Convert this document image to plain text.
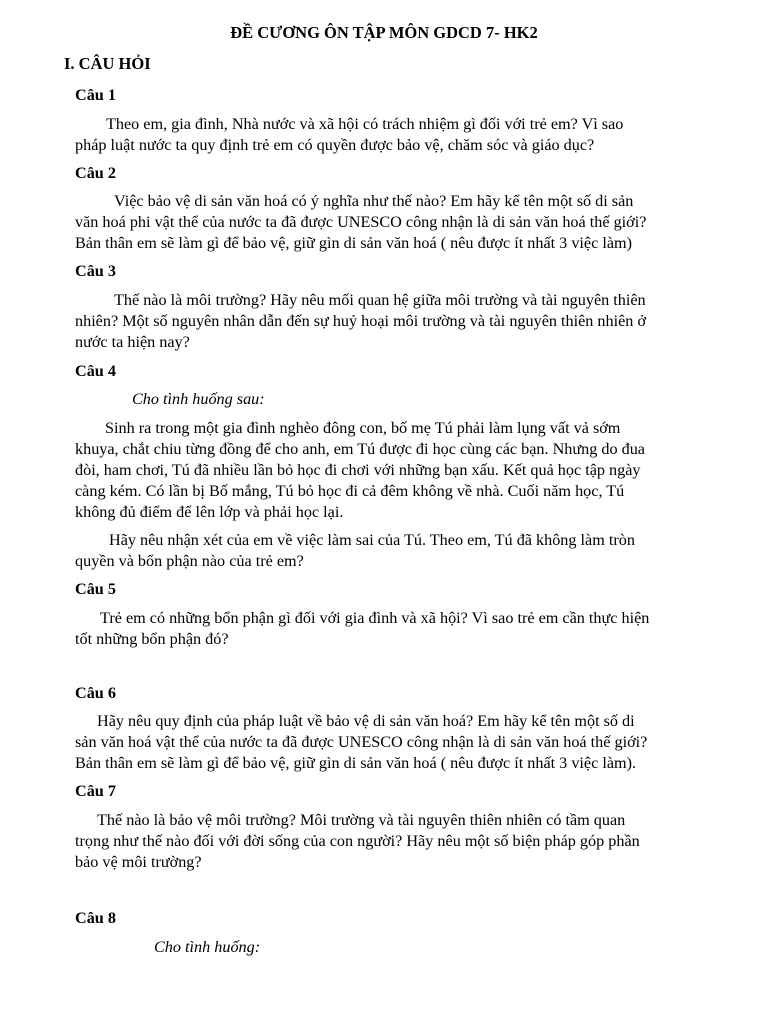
ĐỀ CƯƠNG ÔN TẬP MÔN GDCD 7- HK2
I. CÂU HỎI
Câu 1
Theo em, gia đình, Nhà nước và xã hội có trách nhiệm gì đối với trẻ em? Vì sao
pháp luật nước ta quy định trẻ em có quyền được bảo vệ, chăm sóc và giáo dục?
Câu 2
Việc bảo vệ di sản văn hoá có ý nghĩa như thế nào? Em hãy kể tên một số di sản
văn hoá phi vật thể của nước ta đã được UNESCO công nhận là di sản văn hoá thế giới?
Bản thân em sẽ làm gì để bảo vệ, giữ gìn di sản văn hoá ( nêu được ít nhất 3 việc làm)
Câu 3
Thế nào là môi trường? Hãy nêu mối quan hệ giữa môi trường và tài nguyên thiên
nhiên? Một số nguyên nhân dẫn đến sự huỷ hoại môi trường và tài nguyên thiên nhiên ở
nước ta hiện nay?
Câu 4
Cho tình huống sau:
Sinh ra trong một gia đình nghèo đông con, bố mẹ Tú phải làm lụng vất vả sớm
khuya, chắt chiu từng đồng để cho anh, em Tú được đi học cùng các bạn. Nhưng do đua
đòi, ham chơi, Tú đã nhiều lần bỏ học đi chơi với những bạn xấu. Kết quả học tập ngày
càng kém. Có lần bị Bố mắng, Tú bỏ học đi cả đêm không về nhà. Cuối năm học, Tú
không đủ điểm để lên lớp và phải học lại.
Hãy nêu nhận xét của em về việc làm sai của Tú. Theo em, Tú đã không làm tròn
quyền và bổn phận nào của trẻ em?
Câu 5
Trẻ em có những bổn phận gì đối với gia đình và xã hội? Vì sao trẻ em cần thực hiện
tốt những bổn phận đó?
Câu 6
Hãy nêu quy định của pháp luật về bảo vệ di sản văn hoá? Em hãy kể tên một số di
sản văn hoá vật thể của nước ta đã được UNESCO công nhận là di sản văn hoá thế giới?
Bản thân em sẽ làm gì để bảo vệ, giữ gìn di sản văn hoá ( nêu được ít nhất 3 việc làm).
Câu 7
Thế nào là bảo vệ môi trường? Môi trường và tài nguyên thiên nhiên có tầm quan
trọng như thế nào đối với đời sống của con người? Hãy nêu một số biện pháp góp phần
bảo vệ môi trường?
Câu 8
Cho tình huống:
